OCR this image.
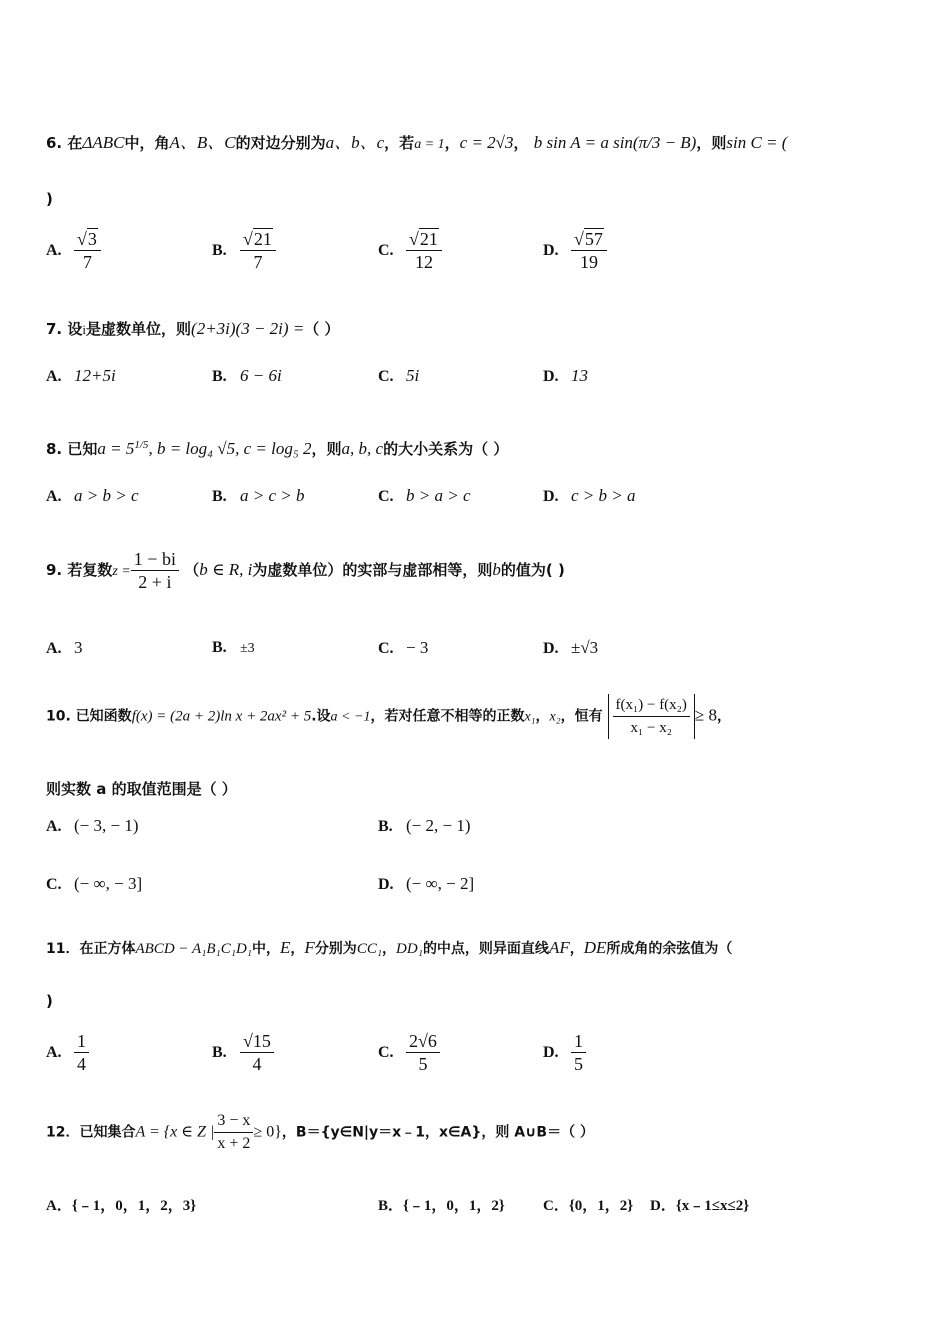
6. 在ΔABC中，角A、B、C的对边分别为a、b、c，若a = 1，c = 2√3， b sin A = a sin(π/3 − B)，则sin C = (
)
A. $\frac{√3}{7}$	B. $\frac{√21}{7}$	C. $\frac{√21}{12}$	D. $\frac{√57}{19}$
7. 设i是虚数单位，则(2+3i)(3 − 2i) =（ ）
A. 12+5i	B. 6 − 6i	C. 5i	D. 13
8. 已知$a = 5^{1/5}$, b = log₄ √5, c = log₅ 2，则a, b, c的大小关系为（ ）
A. a > b > c	B. a > c > b	C. b > a > c	D. c > b > a
9. 若复数$z = \frac{1 - bi}{2 + i} (b$ ∈ R, i为虚数单位）的实部与虚部相等，则b的值为( )
A. 3	B. ±3	C. − 3	D. ±√3
10. 已知函数f(x) = (2a + 2)ln x + 2ax² + 5.设a < −1，若对任意不相等的正数x₁，x₂，恒有 $\frac{\text{f(x₁) − f(x₂)}}{\text{x₁ − x₂}} \ge 8$，
则实数 a 的取值范围是（ ）
A. (− 3, − 1)	B. (− 2, − 1)
C. (− ∞, − 3]	D. (− ∞, − 2]
11．在正方体ABCD − A₁B₁C₁D₁中，E，F分别为CC₁，DD₁的中点，则异面直线AF，DE所成角的余弦值为（
)
A. $\frac{1}{4}$	B. $\frac{√15}{4}$	C. $\frac{2√6}{5}$	D. $\frac{1}{5}$
12．已知集合A = {x ∈ Z | $\frac{3 - x}{x + 2} \ge 0$}，B＝{y∈N|y＝x﹣1，x∈A}，则 A∪B＝（ ）
A．{﹣1，0，1，2，3}	B．{﹣1，0，1，2}	C．{0，1，2} D．{x﹣1≤x≤2}
